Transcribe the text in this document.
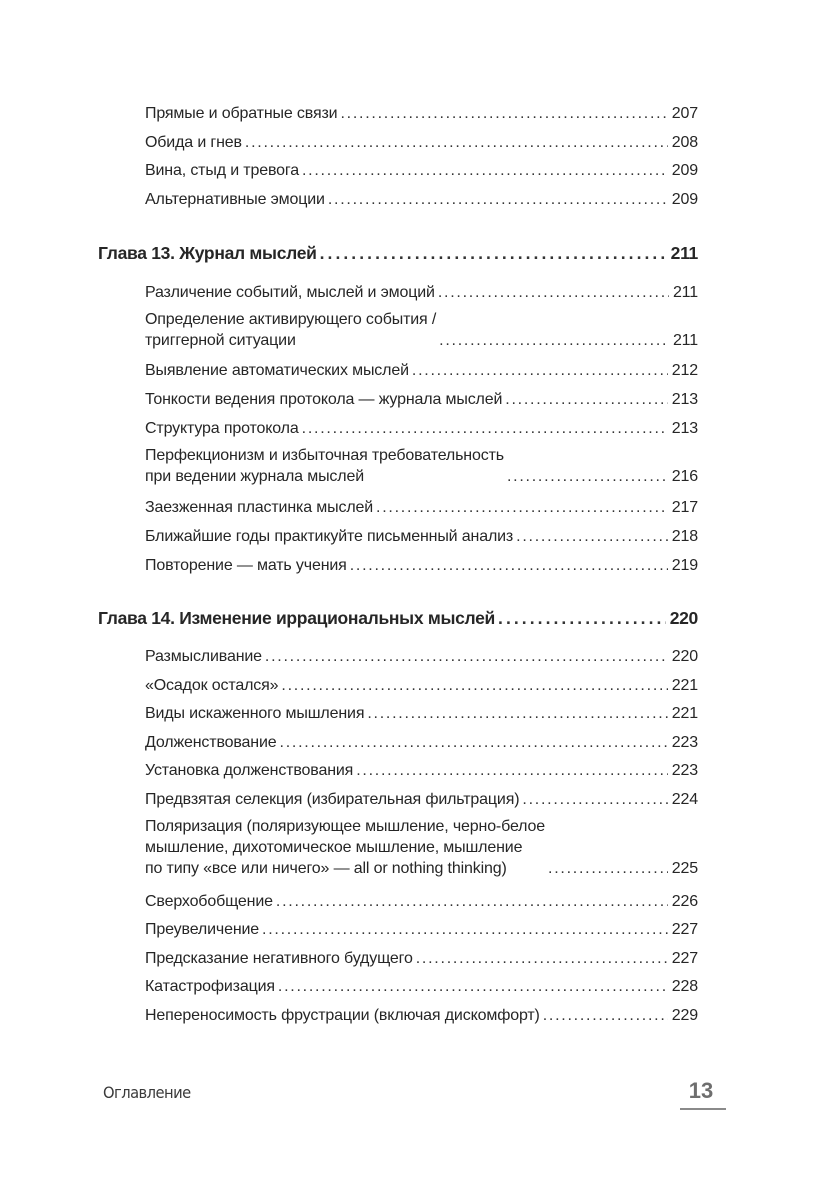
Прямые и обратные связи . . .	207
Обида и гнев . . .	208
Вина, стыд и тревога . . .	209
Альтернативные эмоции . . .	209
Глава 13. Журнал мыслей . . .	211
Различение событий, мыслей и эмоций . . .	211
Определение активирующего события /
триггерной ситуации . . .	211
Выявление автоматических мыслей . . .	212
Тонкости ведения протокола — журнала мыслей . . .	213
Структура протокола . . .	213
Перфекционизм и избыточная требовательность
при ведении журнала мыслей . . .	216
Заезженная пластинка мыслей . . .	217
Ближайшие годы практикуйте письменный анализ . . .	218
Повторение — мать учения . . .	219
Глава 14. Изменение иррациональных мыслей . . .	220
Размысливание . . .	220
«Осадок остался» . . .	221
Виды искаженного мышления . . .	221
Долженствование . . .	223
Установка долженствования . . .	223
Предвзятая селекция (избирательная фильтрация) . . .	224
Поляризация (поляризующее мышление, черно-белое
мышление, дихотомическое мышление, мышление
по типу «все или ничего» — all or nothing thinking) . . .	225
Сверхобобщение . . .	226
Преувеличение . . .	227
Предсказание негативного будущего . . .	227
Катастрофизация . . .	228
Непереносимость фрустрации (включая дискомфорт) . . .	229
Оглавление	13
